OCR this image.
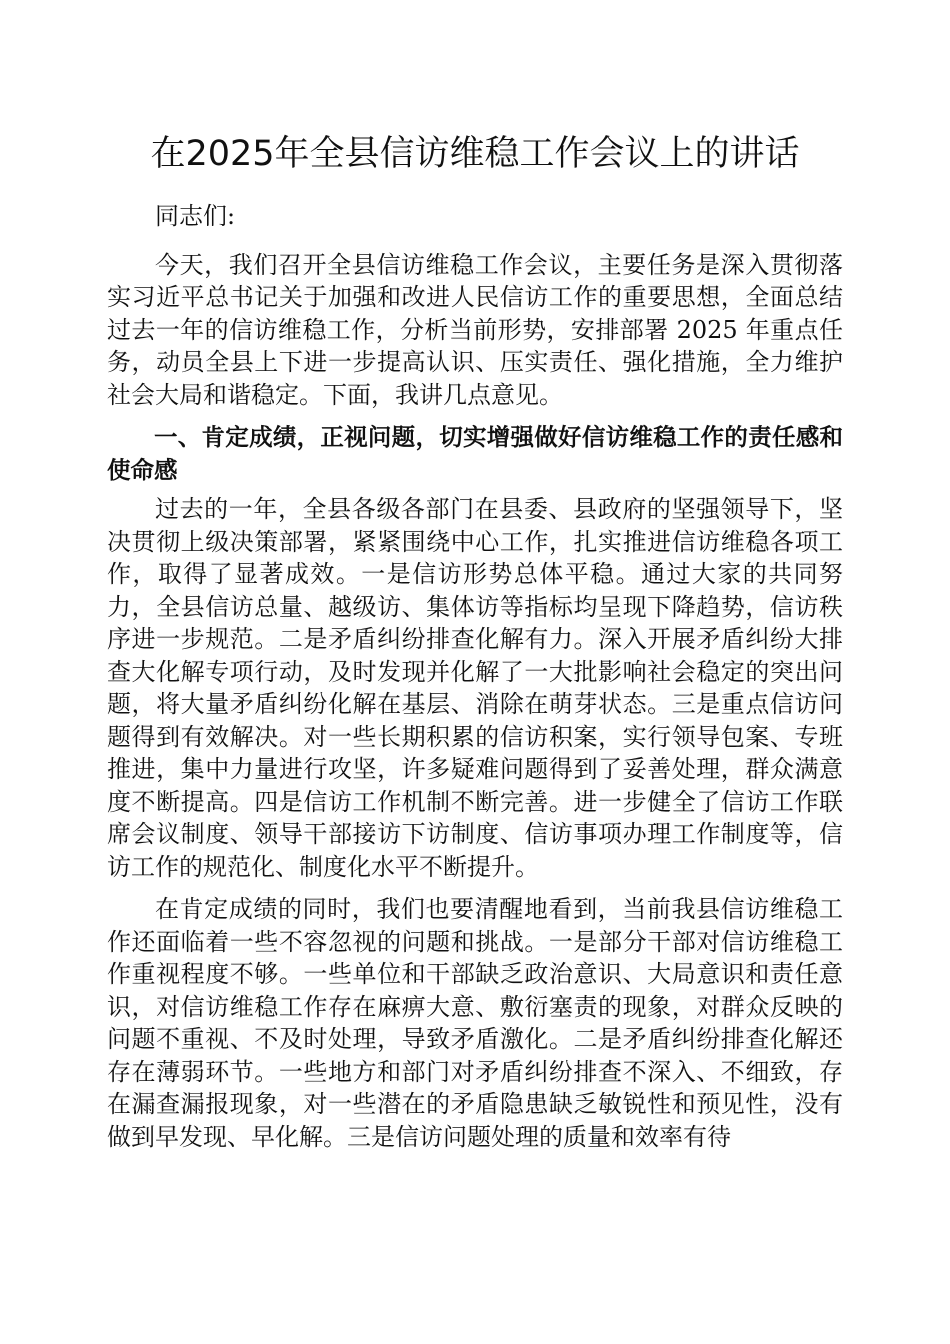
在2025年全县信访维稳工作会议上的讲话

同志们:

今天，我们召开全县信访维稳工作会议，主要任务是深入贯彻落实习近平总书记关于加强和改进人民信访工作的重要思想，全面总结过去一年的信访维稳工作，分析当前形势，安排部署 2025 年重点任务，动员全县上下进一步提高认识、压实责任、强化措施，全力维护社会大局和谐稳定。下面，我讲几点意见。

一、肯定成绩，正视问题，切实增强做好信访维稳工作的责任感和使命感

过去的一年，全县各级各部门在县委、县政府的坚强领导下，坚决贯彻上级决策部署，紧紧围绕中心工作，扎实推进信访维稳各项工作，取得了显著成效。一是信访形势总体平稳。通过大家的共同努力，全县信访总量、越级访、集体访等指标均呈现下降趋势，信访秩序进一步规范。二是矛盾纠纷排查化解有力。深入开展矛盾纠纷大排查大化解专项行动，及时发现并化解了一大批影响社会稳定的突出问题，将大量矛盾纠纷化解在基层、消除在萌芽状态。三是重点信访问题得到有效解决。对一些长期积累的信访积案，实行领导包案、专班推进，集中力量进行攻坚，许多疑难问题得到了妥善处理，群众满意度不断提高。四是信访工作机制不断完善。进一步健全了信访工作联席会议制度、领导干部接访下访制度、信访事项办理工作制度等，信访工作的规范化、制度化水平不断提升。

在肯定成绩的同时，我们也要清醒地看到，当前我县信访维稳工作还面临着一些不容忽视的问题和挑战。一是部分干部对信访维稳工作重视程度不够。一些单位和干部缺乏政治意识、大局意识和责任意识，对信访维稳工作存在麻痹大意、敷衍塞责的现象，对群众反映的问题不重视、不及时处理，导致矛盾激化。二是矛盾纠纷排查化解还存在薄弱环节。一些地方和部门对矛盾纠纷排查不深入、不细致，存在漏查漏报现象，对一些潜在的矛盾隐患缺乏敏锐性和预见性，没有做到早发现、早化解。三是信访问题处理的质量和效率有待
